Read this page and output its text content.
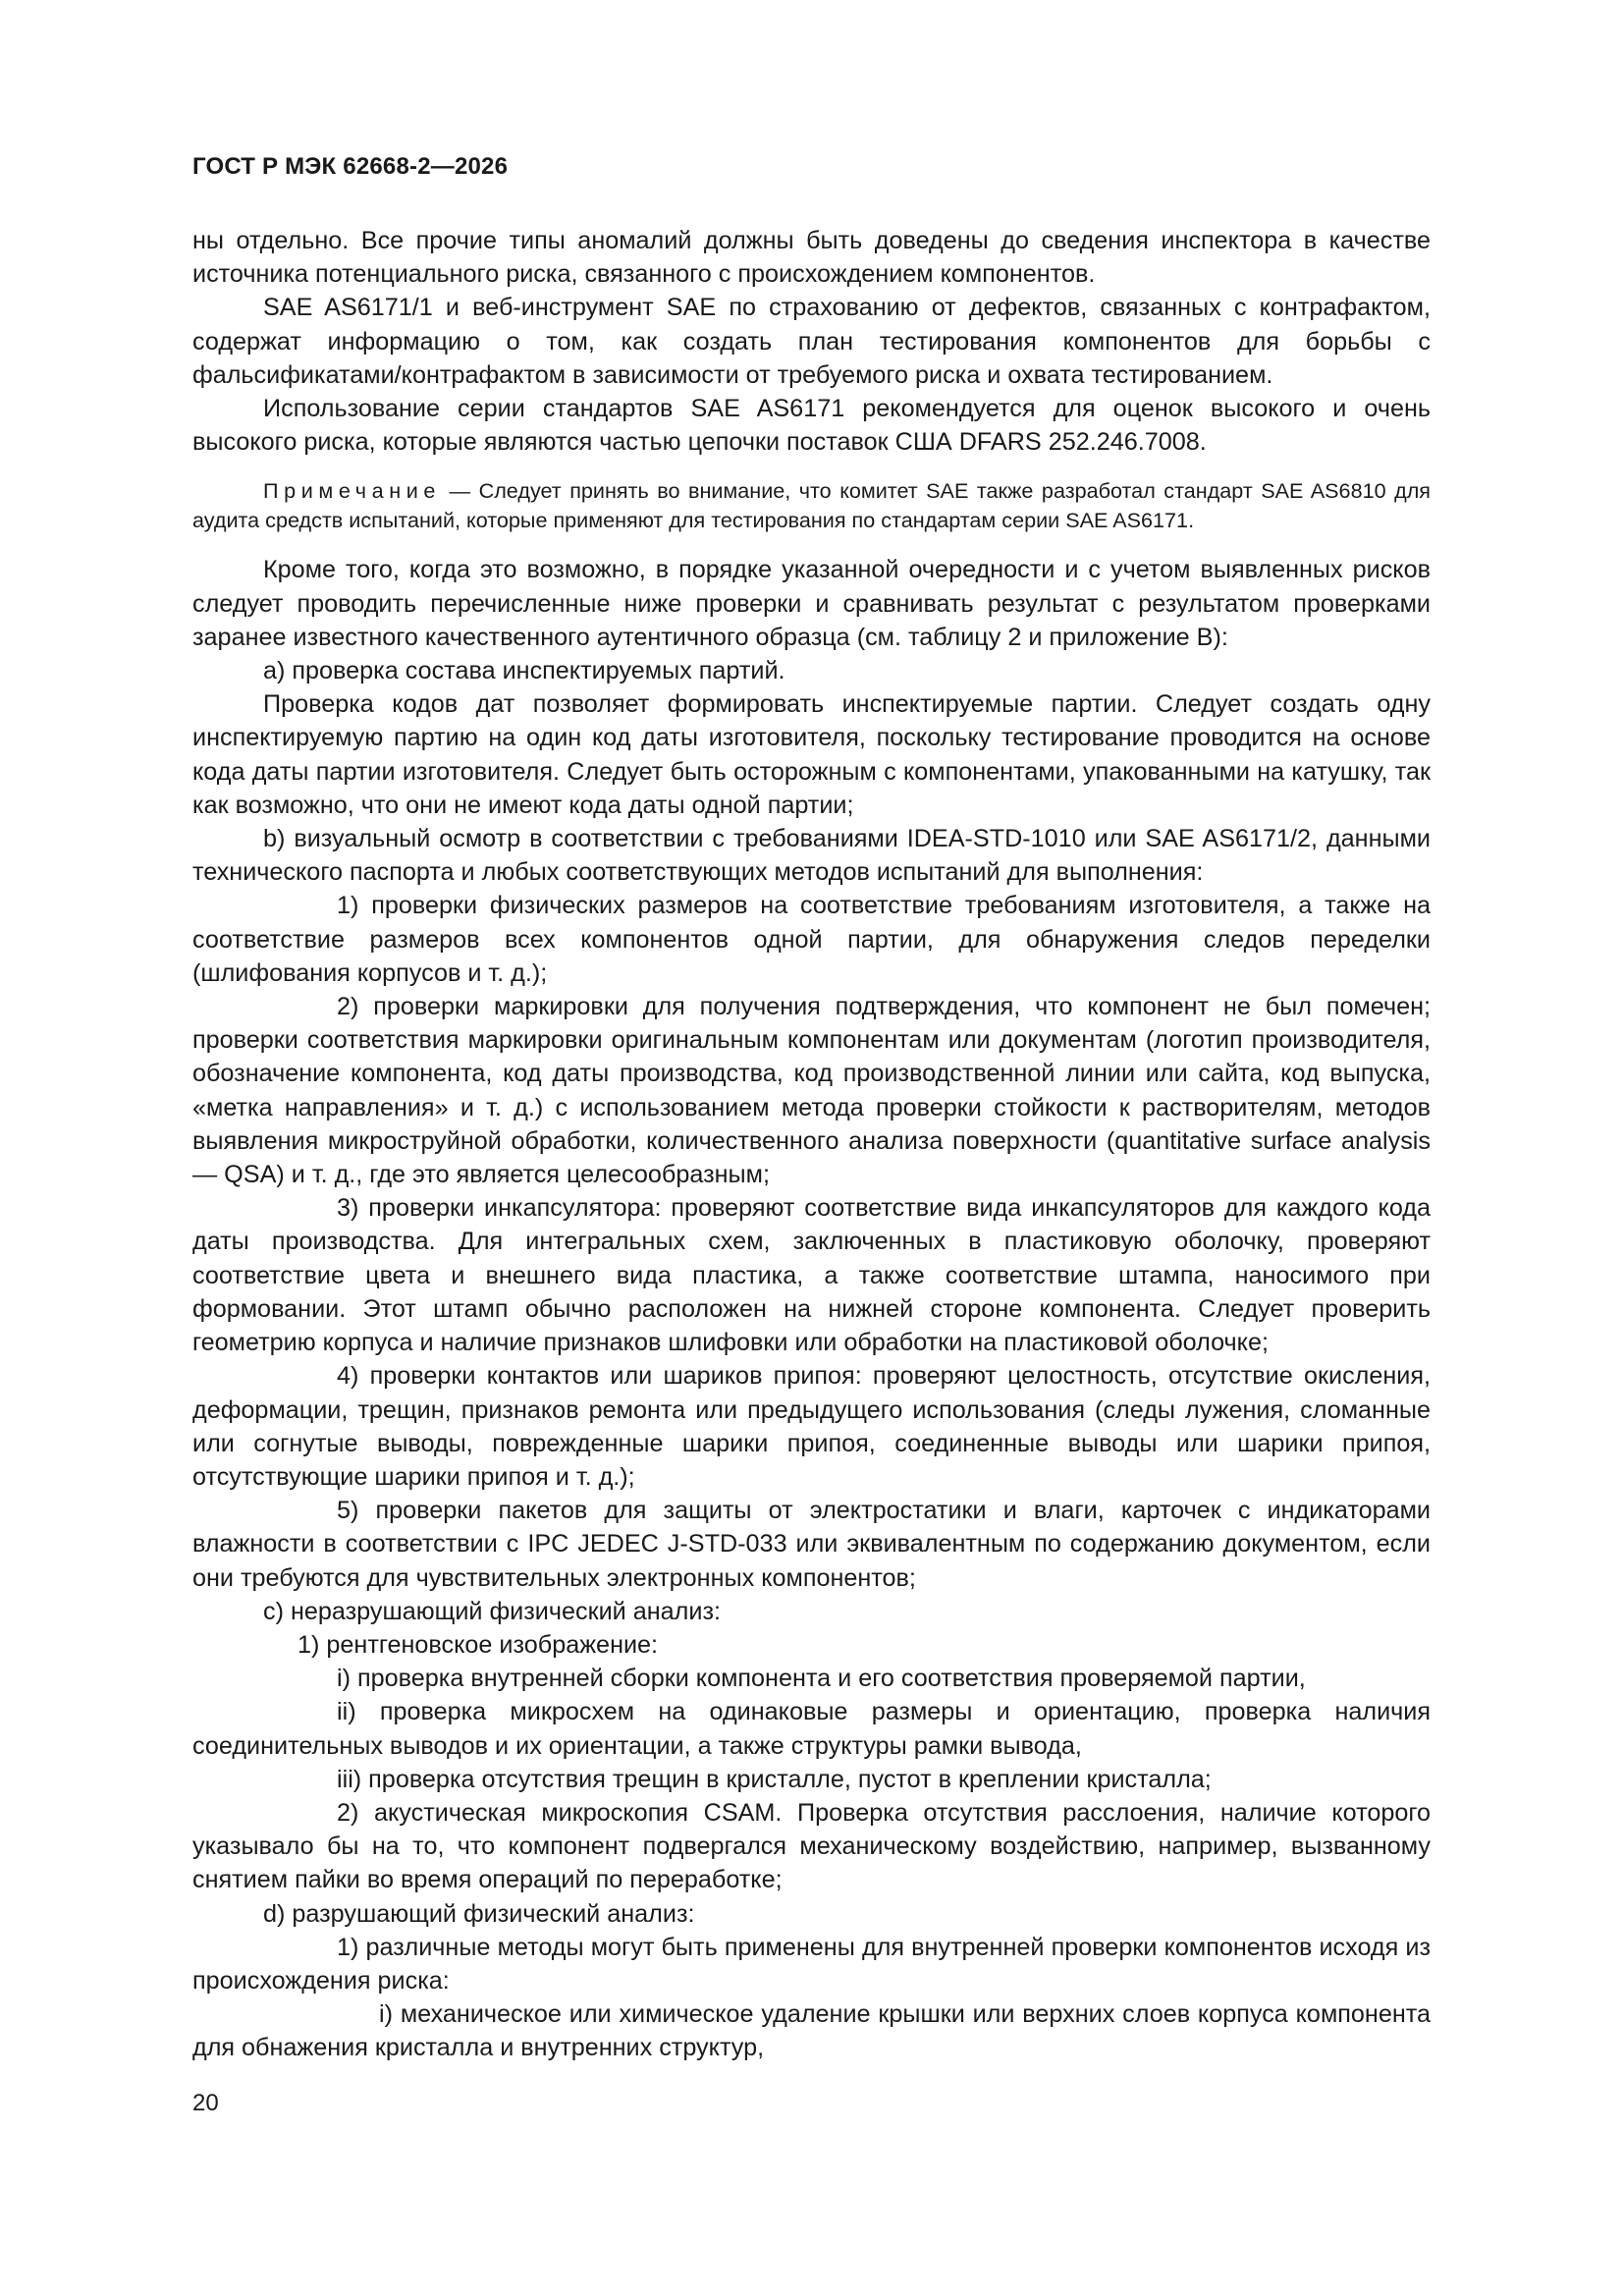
ГОСТ Р МЭК 62668-2—2026

ны отдельно. Все прочие типы аномалий должны быть доведены до сведения инспектора в качестве источника потенциального риска, связанного с происхождением компонентов.

SAE AS6171/1 и веб-инструмент SAE по страхованию от дефектов, связанных с контрафактом, содержат информацию о том, как создать план тестирования компонентов для борьбы с фальсификатами/контрафактом в зависимости от требуемого риска и охвата тестированием.

Использование серии стандартов SAE AS6171 рекомендуется для оценок высокого и очень высокого риска, которые являются частью цепочки поставок США DFARS 252.246.7008.

Примечание — Следует принять во внимание, что комитет SAE также разработал стандарт SAE AS6810 для аудита средств испытаний, которые применяют для тестирования по стандартам серии SAE AS6171.

Кроме того, когда это возможно, в порядке указанной очередности и с учетом выявленных рисков следует проводить перечисленные ниже проверки и сравнивать результат с результатом проверками заранее известного качественного аутентичного образца (см. таблицу 2 и приложение В):

а) проверка состава инспектируемых партий.

Проверка кодов дат позволяет формировать инспектируемые партии. Следует создать одну инспектируемую партию на один код даты изготовителя, поскольку тестирование проводится на основе кода даты партии изготовителя. Следует быть осторожным с компонентами, упакованными на катушку, так как возможно, что они не имеют кода даты одной партии;

b) визуальный осмотр в соответствии с требованиями IDEA-STD-1010 или SAE AS6171/2, данными технического паспорта и любых соответствующих методов испытаний для выполнения:

1) проверки физических размеров на соответствие требованиям изготовителя, а также на соответствие размеров всех компонентов одной партии, для обнаружения следов переделки (шлифования корпусов и т. д.);

2) проверки маркировки для получения подтверждения, что компонент не был помечен; проверки соответствия маркировки оригинальным компонентам или документам (логотип производителя, обозначение компонента, код даты производства, код производственной линии или сайта, код выпуска, «метка направления» и т. д.) с использованием метода проверки стойкости к растворителям, методов выявления микроструйной обработки, количественного анализа поверхности (quantitative surface analysis — QSA) и т. д., где это является целесообразным;

3) проверки инкапсулятора: проверяют соответствие вида инкапсуляторов для каждого кода даты производства. Для интегральных схем, заключенных в пластиковую оболочку, проверяют соответствие цвета и внешнего вида пластика, а также соответствие штампа, наносимого при формовании. Этот штамп обычно расположен на нижней стороне компонента. Следует проверить геометрию корпуса и наличие признаков шлифовки или обработки на пластиковой оболочке;

4) проверки контактов или шариков припоя: проверяют целостность, отсутствие окисления, деформации, трещин, признаков ремонта или предыдущего использования (следы лужения, сломанные или согнутые выводы, поврежденные шарики припоя, соединенные выводы или шарики припоя, отсутствующие шарики припоя и т. д.);

5) проверки пакетов для защиты от электростатики и влаги, карточек с индикаторами влажности в соответствии с IPC JEDEC J-STD-033 или эквивалентным по содержанию документом, если они требуются для чувствительных электронных компонентов;

с) неразрушающий физический анализ:

1) рентгеновское изображение:

i) проверка внутренней сборки компонента и его соответствия проверяемой партии,

ii) проверка микросхем на одинаковые размеры и ориентацию, проверка наличия соединительных выводов и их ориентации, а также структуры рамки вывода,

iii) проверка отсутствия трещин в кристалле, пустот в креплении кристалла;

2) акустическая микроскопия CSAM. Проверка отсутствия расслоения, наличие которого указывало бы на то, что компонент подвергался механическому воздействию, например, вызванному снятием пайки во время операций по переработке;

d) разрушающий физический анализ:

1) различные методы могут быть применены для внутренней проверки компонентов исходя из происхождения риска:

i) механическое или химическое удаление крышки или верхних слоев корпуса компонента для обнажения кристалла и внутренних структур,

20
